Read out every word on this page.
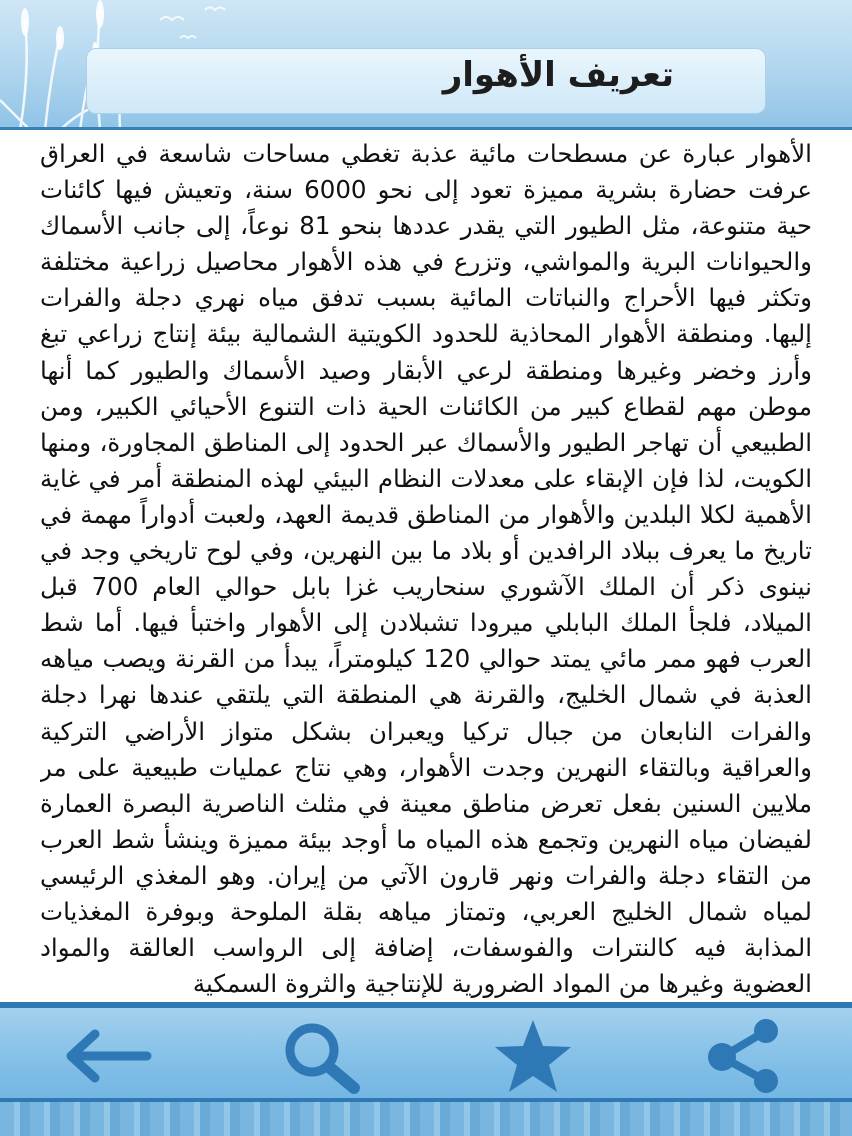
تعريف الأهوار

الأهوار عبارة عن مسطحات مائية عذبة تغطي مساحات شاسعة في العراق عرفت حضارة بشرية مميزة تعود إلى نحو 6000 سنة، وتعيش فيها كائنات حية متنوعة، مثل الطيور التي يقدر عددها بنحو 81 نوعاً، إلى جانب الأسماك والحيوانات البرية والمواشي، وتزرع في هذه الأهوار محاصيل زراعية مختلفة وتكثر فيها الأحراج والنباتات المائية بسبب تدفق مياه نهري دجلة والفرات إليها. ومنطقة الأهوار المحاذية للحدود الكويتية الشمالية بيئة إنتاج زراعي تبغ وأرز وخضر وغيرها ومنطقة لرعي الأبقار وصيد الأسماك والطيور كما أنها موطن مهم لقطاع كبير من الكائنات الحية ذات التنوع الأحيائي الكبير، ومن الطبيعي أن تهاجر الطيور والأسماك عبر الحدود إلى المناطق المجاورة، ومنها الكويت، لذا فإن الإبقاء على معدلات النظام البيئي لهذه المنطقة أمر في غاية الأهمية لكلا البلدين والأهوار من المناطق قديمة العهد، ولعبت أدواراً مهمة في تاريخ ما يعرف ببلاد الرافدين أو بلاد ما بين النهرين، وفي لوح تاريخي وجد في نينوى ذكر أن الملك الآشوري سنحاريب غزا بابل حوالي العام 700 قبل الميلاد، فلجأ الملك البابلي ميرودا تشبلادن إلى الأهوار واختبأ فيها. أما شط العرب فهو ممر مائي يمتد حوالي 120 كيلومتراً، يبدأ من القرنة ويصب مياهه العذبة في شمال الخليج، والقرنة هي المنطقة التي يلتقي عندها نهرا دجلة والفرات النابعان من جبال تركيا ويعبران بشكل متواز الأراضي التركية والعراقية وبالتقاء النهرين وجدت الأهوار، وهي نتاج عمليات طبيعية على مر ملايين السنين بفعل تعرض مناطق معينة في مثلث الناصرية البصرة العمارة لفيضان مياه النهرين وتجمع هذه المياه ما أوجد بيئة مميزة وينشأ شط العرب من التقاء دجلة والفرات ونهر قارون الآتي من إيران. وهو المغذي الرئيسي لمياه شمال الخليج العربي، وتمتاز مياهه بقلة الملوحة وبوفرة المغذيات المذابة فيه كالنترات والفوسفات، إضافة إلى الرواسب العالقة والمواد العضوية وغيرها من المواد الضرورية للإنتاجية والثروة السمكية
